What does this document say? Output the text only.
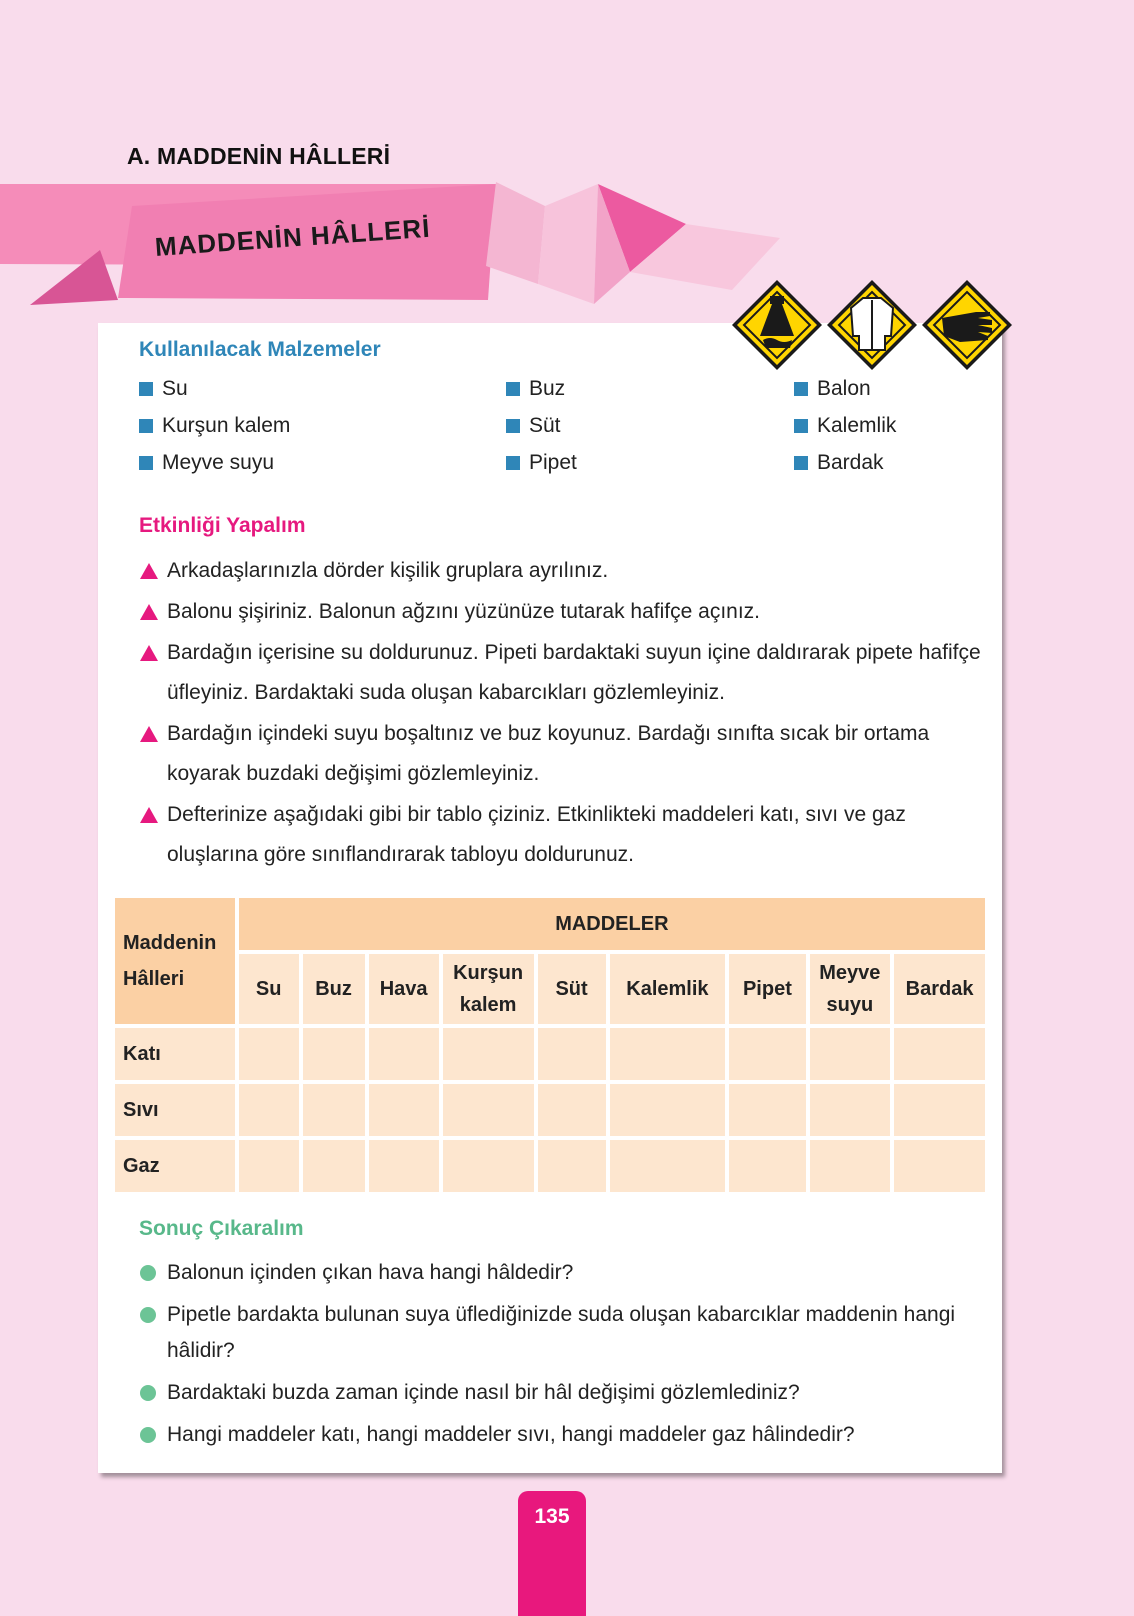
A. MADDENİN HÂLLERİ
MADDENİN HÂLLERİ
Kullanılacak Malzemeler
Su
Kurşun kalem
Meyve suyu
Buz
Süt
Pipet
Balon
Kalemlik
Bardak
Etkinliği Yapalım
Arkadaşlarınızla dörder kişilik gruplara ayrılınız.
Balonu şişiriniz. Balonun ağzını yüzünüze tutarak hafifçe açınız.
Bardağın içerisine su doldurunuz. Pipeti bardaktaki suyun içine daldırarak pipete hafifçe üfleyiniz. Bardaktaki suda oluşan kabarcıkları gözlemleyiniz.
Bardağın içindeki suyu boşaltınız ve buz koyunuz. Bardağı sınıfta sıcak bir ortama koyarak buzdaki değişimi gözlemleyiniz.
Defterinize aşağıdaki gibi bir tablo çiziniz. Etkinlikteki maddeleri katı, sıvı ve gaz oluşlarına göre sınıflandırarak tabloyu doldurunuz.
Maddenin Hâlleri	MADDELER								
	Su	Buz	Hava	Kurşun kalem	Süt	Kalemlik	Pipet	Meyve suyu	Bardak
Katı									
Sıvı									
Gaz									
Sonuç Çıkaralım
Balonun içinden çıkan hava hangi hâldedir?
Pipetle bardakta bulunan suya üflediğinizde suda oluşan kabarcıklar maddenin hangi hâlidir?
Bardaktaki buzda zaman içinde nasıl bir hâl değişimi gözlemlediniz?
Hangi maddeler katı, hangi maddeler sıvı, hangi maddeler gaz hâlindedir?
135
